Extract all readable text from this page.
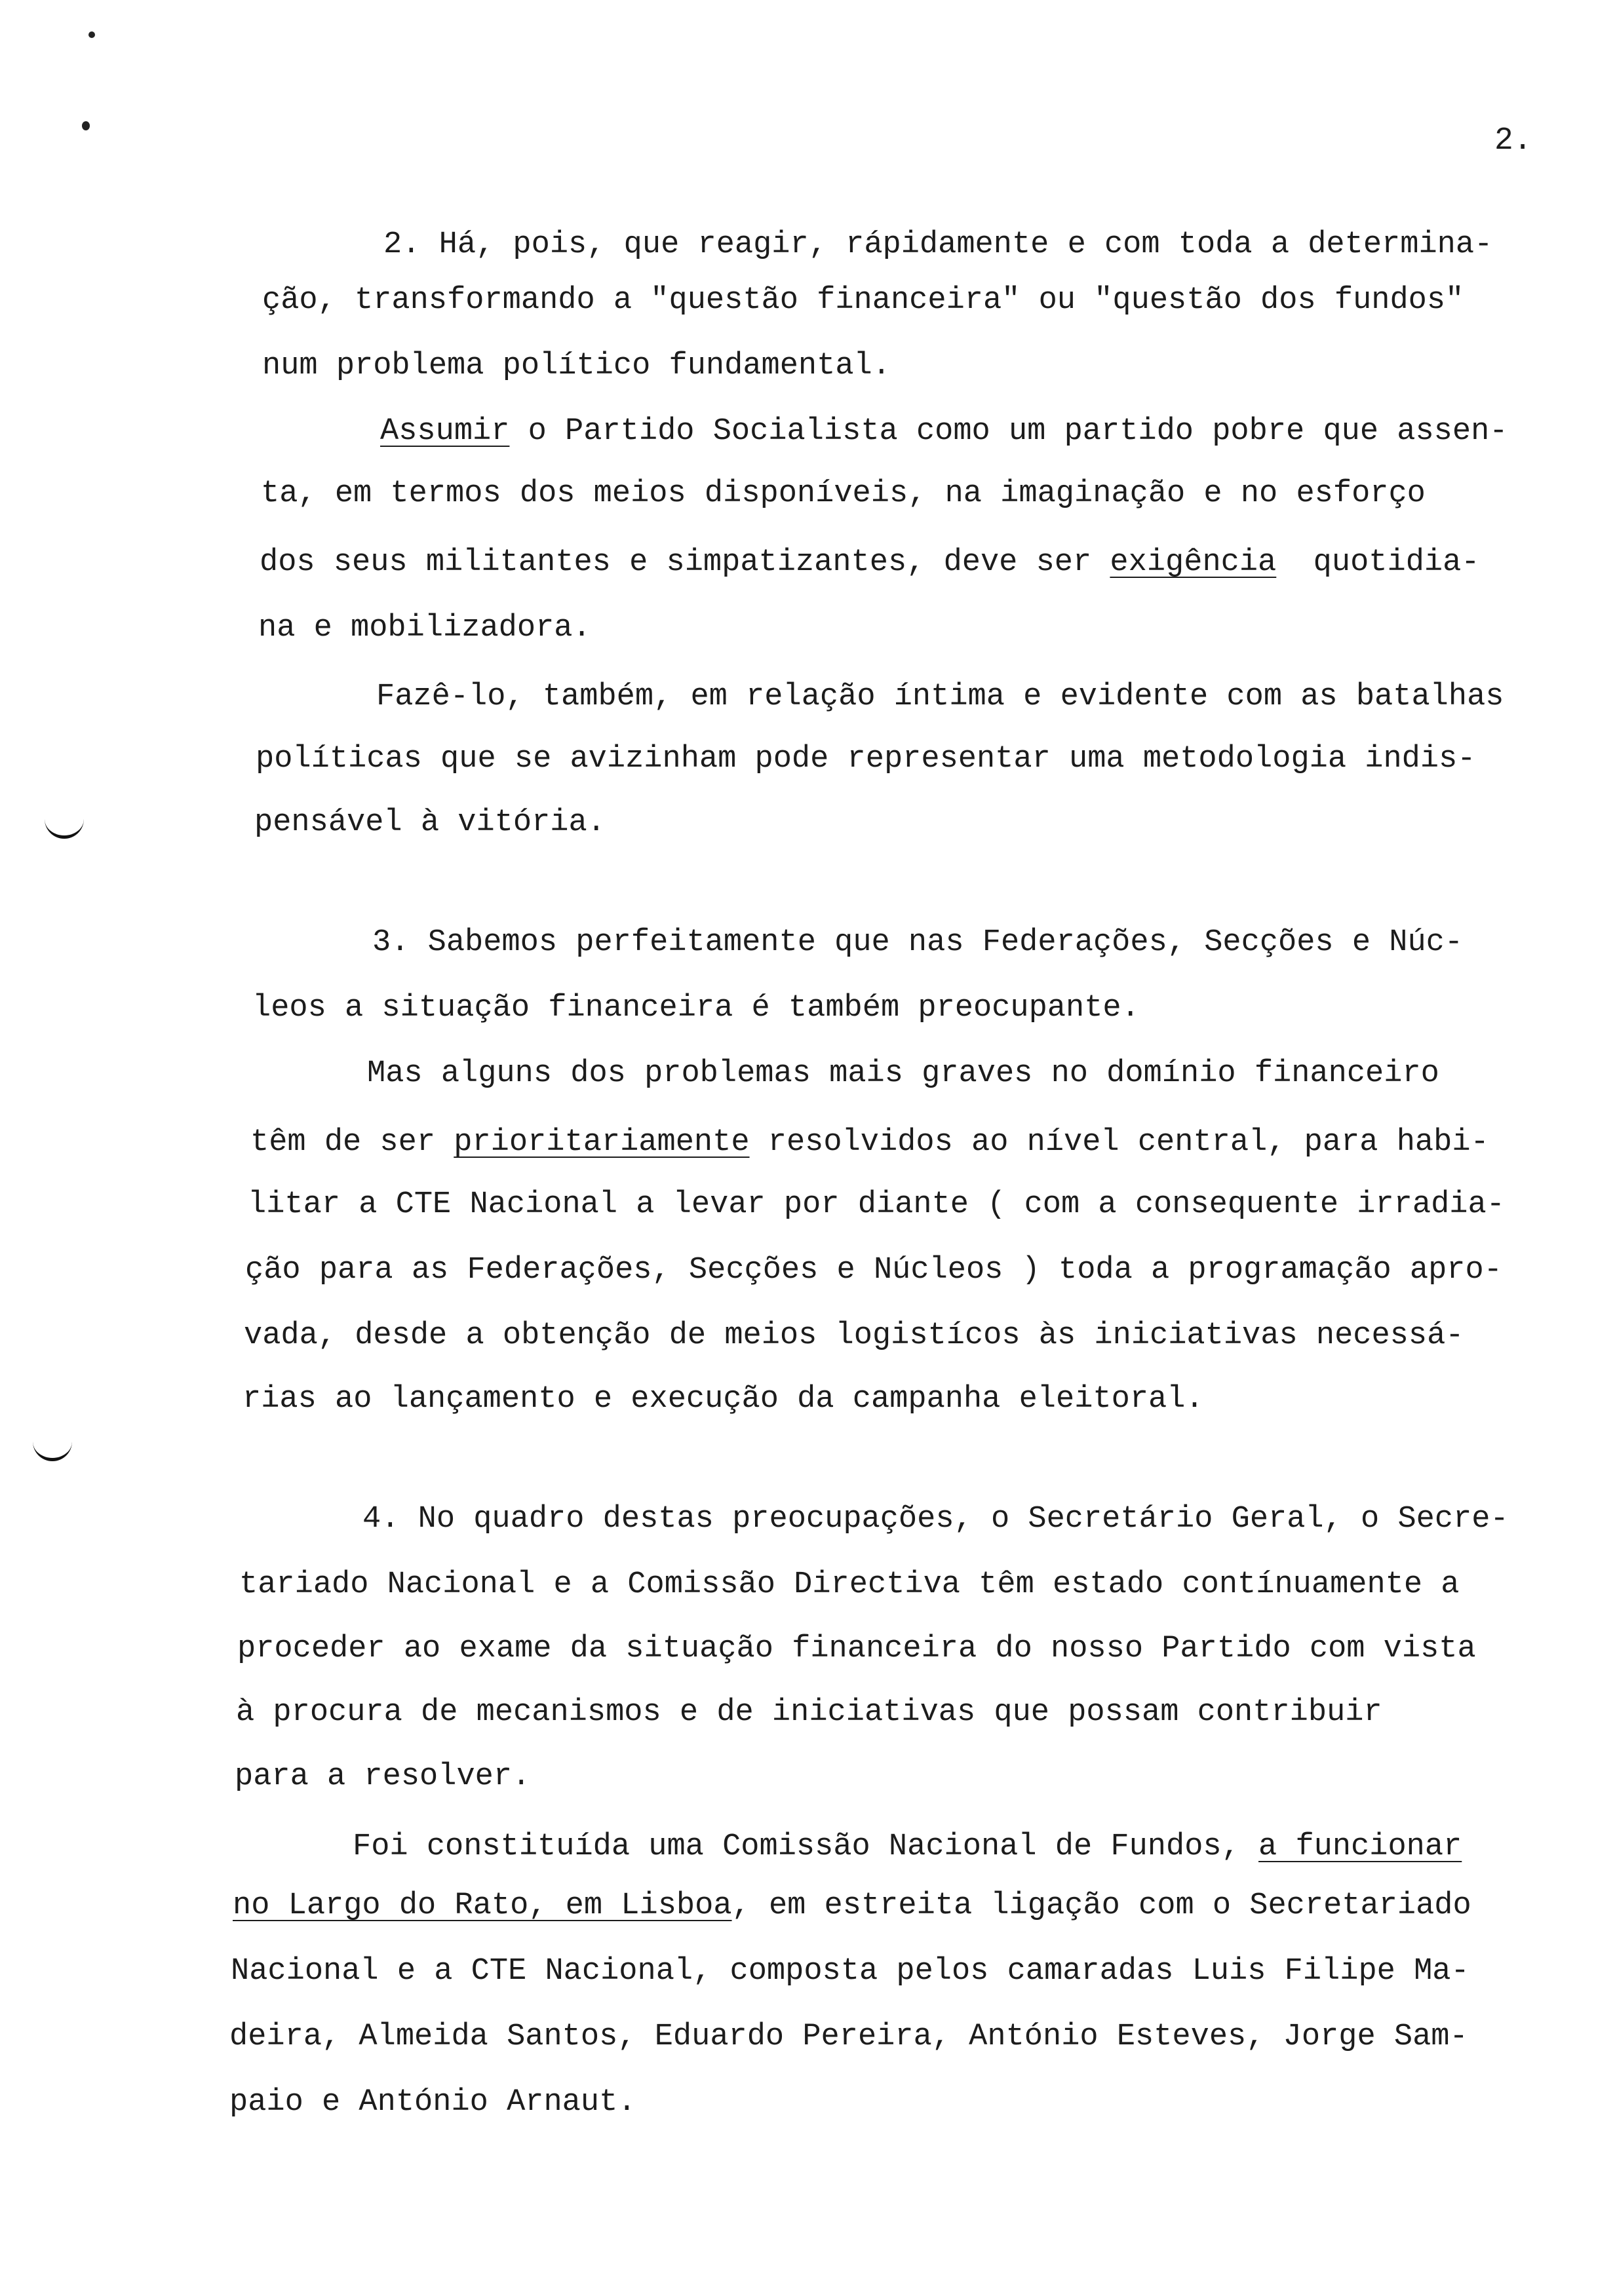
2.
2. Há, pois, que reagir, rápidamente e com toda a determina-
ção, transformando a "questão financeira" ou "questão dos fundos"
num problema político fundamental.
Assumir o Partido Socialista como um partido pobre que assen-
ta, em termos dos meios disponíveis, na imaginação e no esforço
dos seus militantes e simpatizantes, deve ser exigência  quotidia-
na e mobilizadora.
Fazê-lo, também, em relação íntima e evidente com as batalhas
políticas que se avizinham pode representar uma metodologia indis-
pensável à vitória.
3. Sabemos perfeitamente que nas Federações, Secções e Núc-
leos a situação financeira é também preocupante.
Mas alguns dos problemas mais graves no domínio financeiro
têm de ser prioritariamente resolvidos ao nível central, para habi-
litar a CTE Nacional a levar por diante ( com a consequente irradia-
ção para as Federações, Secções e Núcleos ) toda a programação apro-
vada, desde a obtenção de meios logistícos às iniciativas necessá-
rias ao lançamento e execução da campanha eleitoral.
4. No quadro destas preocupações, o Secretário Geral, o Secre-
tariado Nacional e a Comissão Directiva têm estado contínuamente a
proceder ao exame da situação financeira do nosso Partido com vista
à procura de mecanismos e de iniciativas que possam contribuir
para a resolver.
Foi constituída uma Comissão Nacional de Fundos, a funcionar
no Largo do Rato, em Lisboa, em estreita ligação com o Secretariado
Nacional e a CTE Nacional, composta pelos camaradas Luis Filipe Ma-
deira, Almeida Santos, Eduardo Pereira, António Esteves, Jorge Sam-
paio e António Arnaut.
